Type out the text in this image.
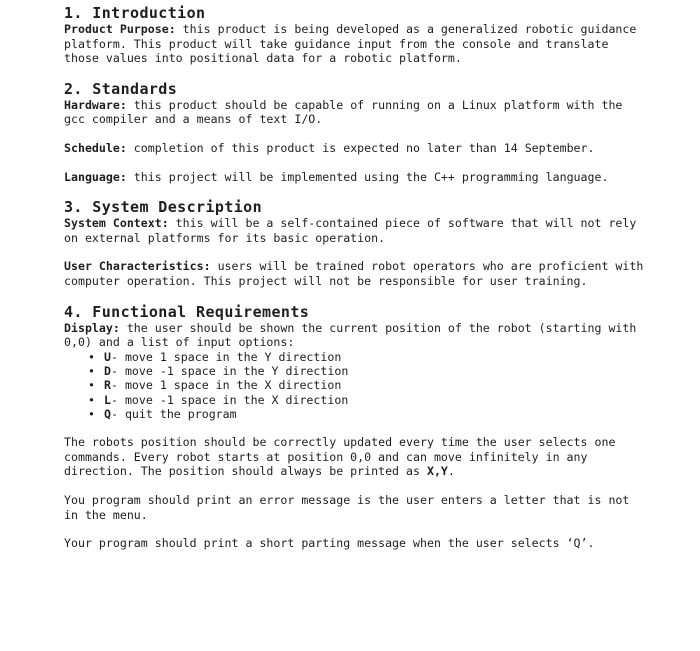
1. Introduction

Product Purpose: this product is being developed as a generalized robotic guidance platform. This product will take guidance input from the console and translate those values into positional data for a robotic platform.

2. Standards

Hardware: this product should be capable of running on a Linux platform with the gcc compiler and a means of text I/O.

Schedule: completion of this product is expected no later than 14 September.

Language: this project will be implemented using the C++ programming language.

3. System Description

System Context: this will be a self-contained piece of software that will not rely on external platforms for its basic operation.

User Characteristics: users will be trained robot operators who are proficient with computer operation. This project will not be responsible for user training.

4. Functional Requirements

Display: the user should be shown the current position of the robot (starting with 0,0) and a list of input options:

• U- move 1 space in the Y direction
• D- move -1 space in the Y direction
• R- move 1 space in the X direction
• L- move -1 space in the X direction
• Q- quit the program

The robots position should be correctly updated every time the user selects one commands. Every robot starts at position 0,0 and can move infinitely in any direction. The position should always be printed as X,Y.

You program should print an error message is the user enters a letter that is not in the menu.

Your program should print a short parting message when the user selects ‘Q’.
